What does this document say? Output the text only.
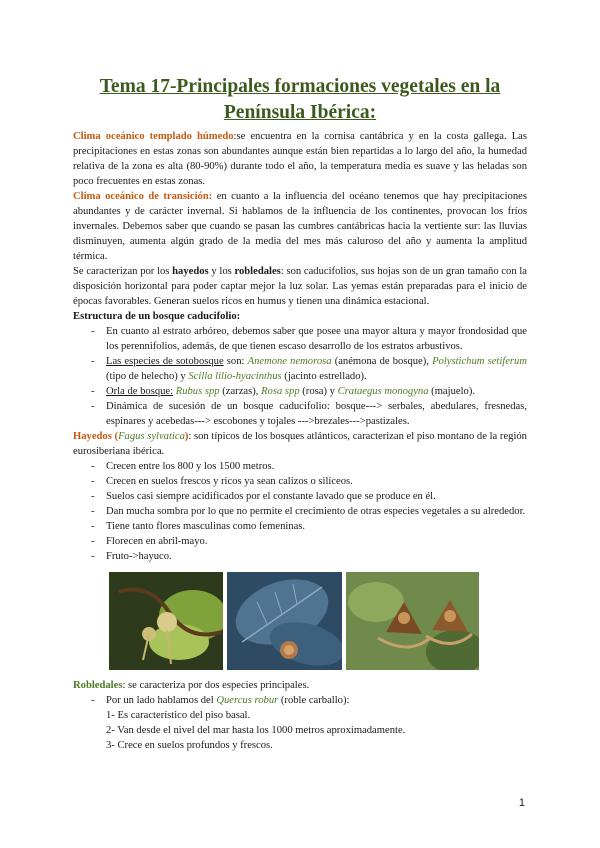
Tema 17-Principales formaciones vegetales en la
Península Ibérica:

Clima oceánico templado húmedo:se encuentra en la cornisa cantábrica y en la costa gallega. Las precipitaciones en estas zonas son abundantes aunque están bien repartidas a lo largo del año, la humedad relativa de la zona es alta (80-90%) durante todo el año, la temperatura media es suave y las heladas son poco frecuentes en estas zonas.

Clima oceánico de transición: en cuanto a la influencia del océano tenemos que hay precipitaciones abundantes y de carácter invernal. Si hablamos de la influencia de los continentes, provocan los fríos invernales. Debemos saber que cuando se pasan las cumbres cantábricas hacia la vertiente sur: las lluvias disminuyen, aumenta algún grado de la media del mes más caluroso del año y aumenta la amplitud térmica.

Se caracterizan por los hayedos y los robledales: son caducifolios, sus hojas son de un gran tamaño con la disposición horizontal para poder captar mejor la luz solar. Las yemas están preparadas para el inicio de épocas favorables. Generan suelos ricos en humus y tienen una dinámica estacional.

Estructura de un bosque caducifolio:

- En cuanto al estrato arbóreo, debemos saber que posee una mayor altura y mayor frondosidad que los perennifolios, además, de que tienen escaso desarrollo de los estratos arbustivos.
- Las especies de sotobosque son: Anemone nemorosa (anémona de bosque), Polystichum setiferum (tipo de helecho) y Scilla lilio-hyacinthus (jacinto estrellado).
- Orla de bosque: Rubus spp (zarzas), Rosa spp (rosa) y Crataegus monogyna (majuelo).
- Dinámica de sucesión de un bosque caducifolio: bosque---> serbales, abedulares, fresnedas, espinares y acebedas---> escobones y tojales --->brezales--->pastizales.

Hayedos (Fagus sylvatica): son típicos de los bosques atlánticos, caracterizan el piso montano de la región eurosiberiana ibérica.

- Crecen entre los 800 y los 1500 metros.
- Crecen en suelos frescos y ricos ya sean calizos o silíceos.
- Suelos casi siempre acidificados por el constante lavado que se produce en él.
- Dan mucha sombra por lo que no permite el crecimiento de otras especies vegetales a su alrededor.
- Tiene tanto flores masculinas como femeninas.
- Florecen en abril-mayo.
- Fruto->hayuco.

Robledales: se caracteriza por dos especies principales.

- Por un lado hablamos del Quercus robur (roble carballo):
1- Es característico del piso basal.
2- Van desde el nivel del mar hasta los 1000 metros aproximadamente.
3- Crece en suelos profundos y frescos.
1
